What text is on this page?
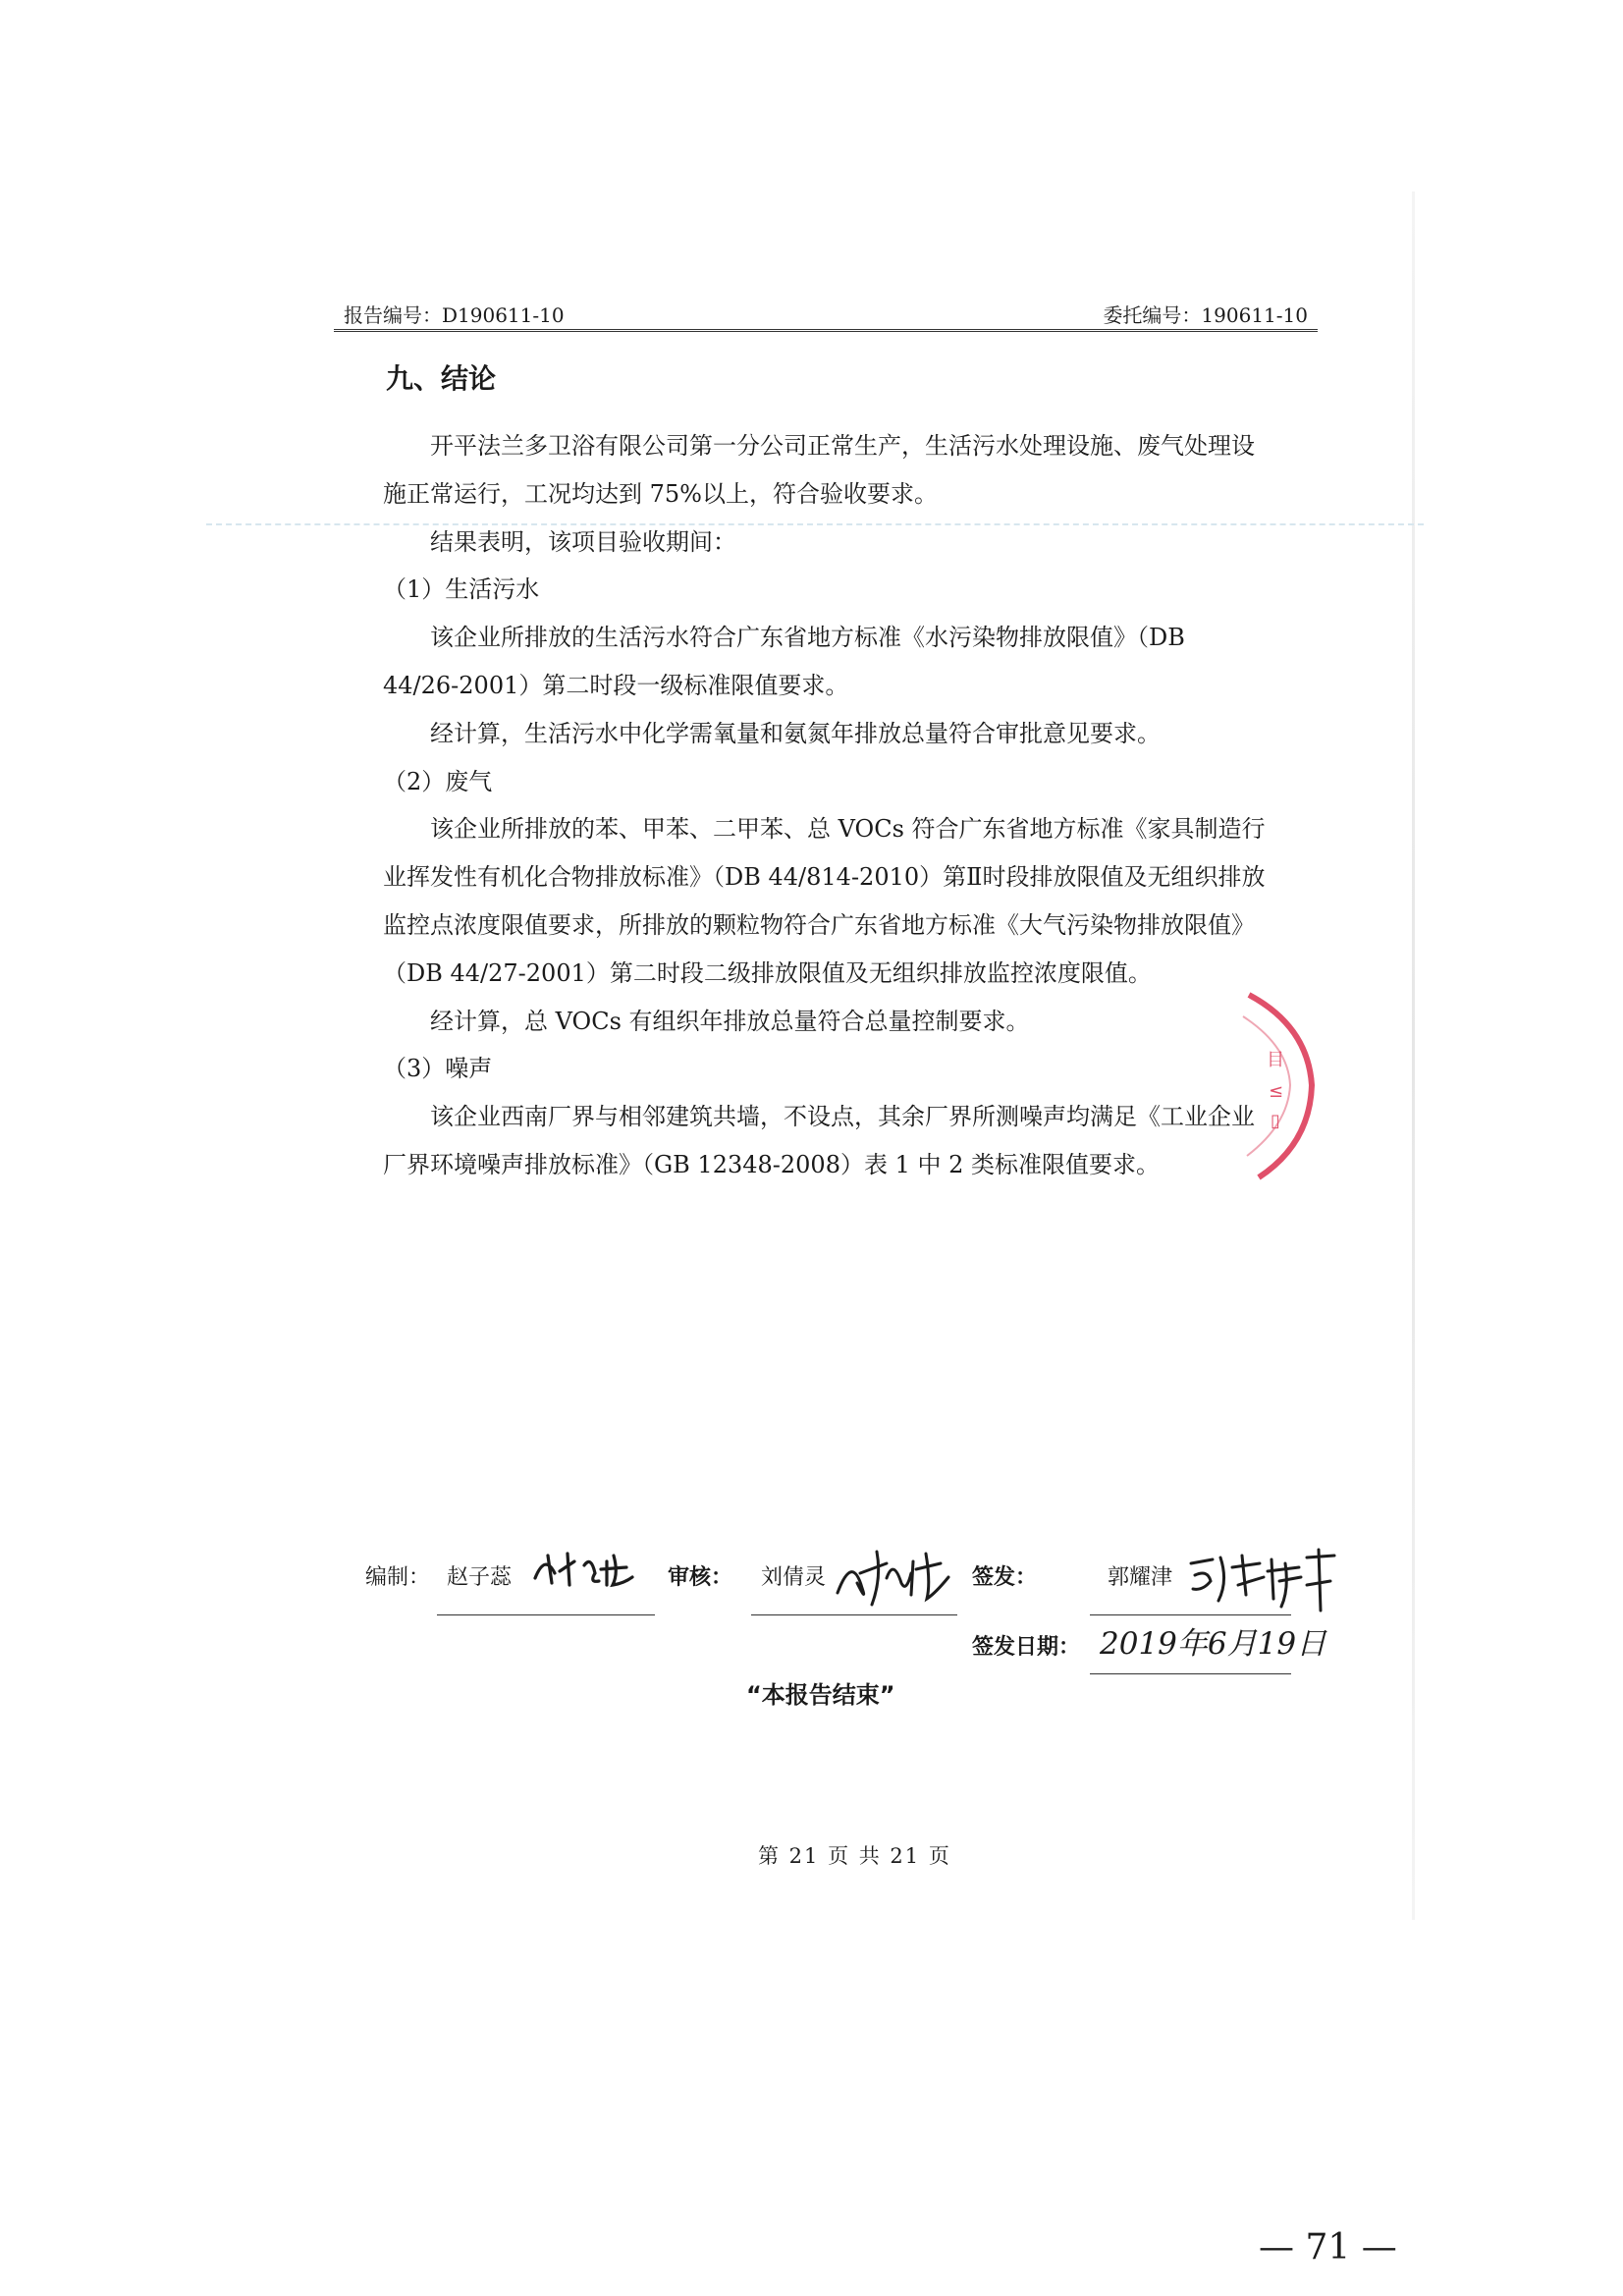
报告编号：D190611-10	委托编号：190611-10
九、结论

开平法兰多卫浴有限公司第一分公司正常生产，生活污水处理设施、废气处理设施正常运行，工况均达到 75%以上，符合验收要求。

结果表明，该项目验收期间：

（1）生活污水

该企业所排放的生活污水符合广东省地方标准《水污染物排放限值》（DB 44/26-2001）第二时段一级标准限值要求。

经计算，生活污水中化学需氧量和氨氮年排放总量符合审批意见要求。

（2）废气

该企业所排放的苯、甲苯、二甲苯、总 VOCs 符合广东省地方标准《家具制造行业挥发性有机化合物排放标准》（DB 44/814-2010）第Ⅱ时段排放限值及无组织排放监控点浓度限值要求，所排放的颗粒物符合广东省地方标准《大气污染物排放限值》（DB 44/27-2001）第二时段二级排放限值及无组织排放监控浓度限值。

经计算，总 VOCs 有组织年排放总量符合总量控制要求。

（3）噪声

该企业西南厂界与相邻建筑共墙，不设点，其余厂界所测噪声均满足《工业企业厂界环境噪声排放标准》（GB 12348-2008）表 1 中 2 类标准限值要求。

目
≤
▯
编制： 赵子蕊	审核： 刘倩灵	签发：	郭耀津
签发日期： 2019年6月19日
“本报告结束”
第 21 页 共 21 页
— 71 —
